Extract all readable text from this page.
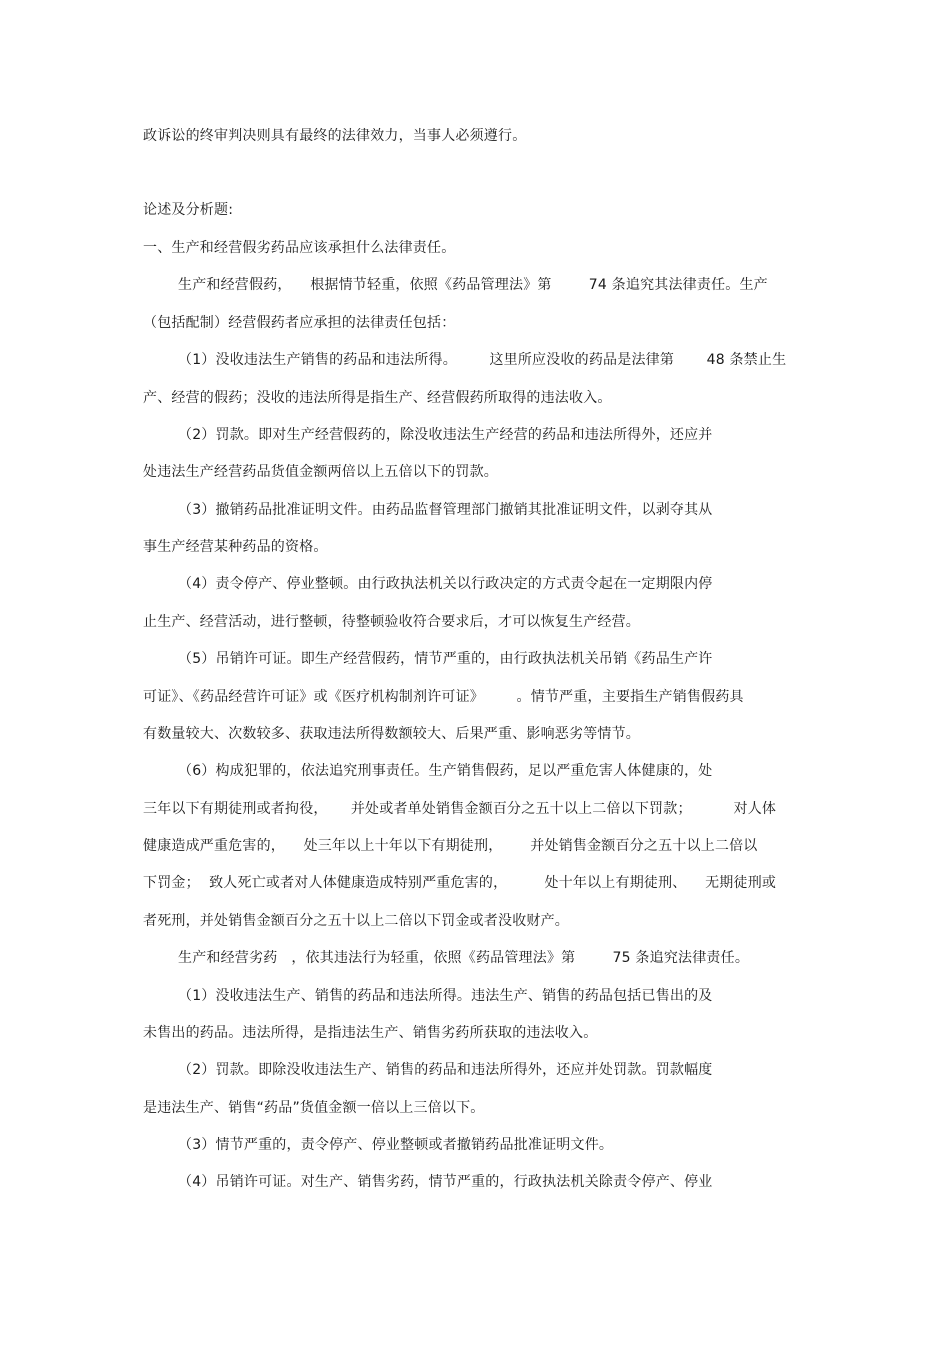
政诉讼的终审判决则具有最终的法律效力，当事人必须遵行。
论述及分析题:
一、生产和经营假劣药品应该承担什么法律责任。
生产和经营假药，    根据情节轻重，依照《药品管理法》第        74 条追究其法律责任。生产
（包括配制）经营假药者应承担的法律责任包括：
（1）没收违法生产销售的药品和违法所得。       这里所应没收的药品是法律第       48 条禁止生
产、经营的假药；没收的违法所得是指生产、经营假药所取得的违法收入。
（2）罚款。即对生产经营假药的，除没收违法生产经营的药品和违法所得外，还应并
处违法生产经营药品货值金额两倍以上五倍以下的罚款。
（3）撤销药品批准证明文件。由药品监督管理部门撤销其批准证明文件，以剥夺其从
事生产经营某种药品的资格。
（4）责令停产、停业整顿。由行政执法机关以行政决定的方式责令起在一定期限内停
止生产、经营活动，进行整顿，待整顿验收符合要求后，才可以恢复生产经营。
（5）吊销许可证。即生产经营假药，情节严重的，由行政执法机关吊销《药品生产许
可证》、《药品经营许可证》或《医疗机构制剂许可证》       。情节严重，主要指生产销售假药具
有数量较大、次数较多、获取违法所得数额较大、后果严重、影响恶劣等情节。
（6）构成犯罪的，依法追究刑事责任。生产销售假药，足以严重危害人体健康的，处
三年以下有期徒刑或者拘役，     并处或者单处销售金额百分之五十以上二倍以下罚款；         对人体
健康造成严重危害的，    处三年以上十年以下有期徒刑，      并处销售金额百分之五十以上二倍以
下罚金；  致人死亡或者对人体健康造成特别严重危害的，        处十年以上有期徒刑、    无期徒刑或
者死刑，并处销售金额百分之五十以上二倍以下罚金或者没收财产。
生产和经营劣药   ，依其违法行为轻重，依照《药品管理法》第        75 条追究法律责任。
（1）没收违法生产、销售的药品和违法所得。违法生产、销售的药品包括已售出的及
未售出的药品。违法所得，是指违法生产、销售劣药所获取的违法收入。
（2）罚款。即除没收违法生产、销售的药品和违法所得外，还应并处罚款。罚款幅度
是违法生产、销售“药品”货值金额一倍以上三倍以下。
（3）情节严重的，责令停产、停业整顿或者撤销药品批准证明文件。
（4）吊销许可证。对生产、销售劣药，情节严重的，行政执法机关除责令停产、停业
